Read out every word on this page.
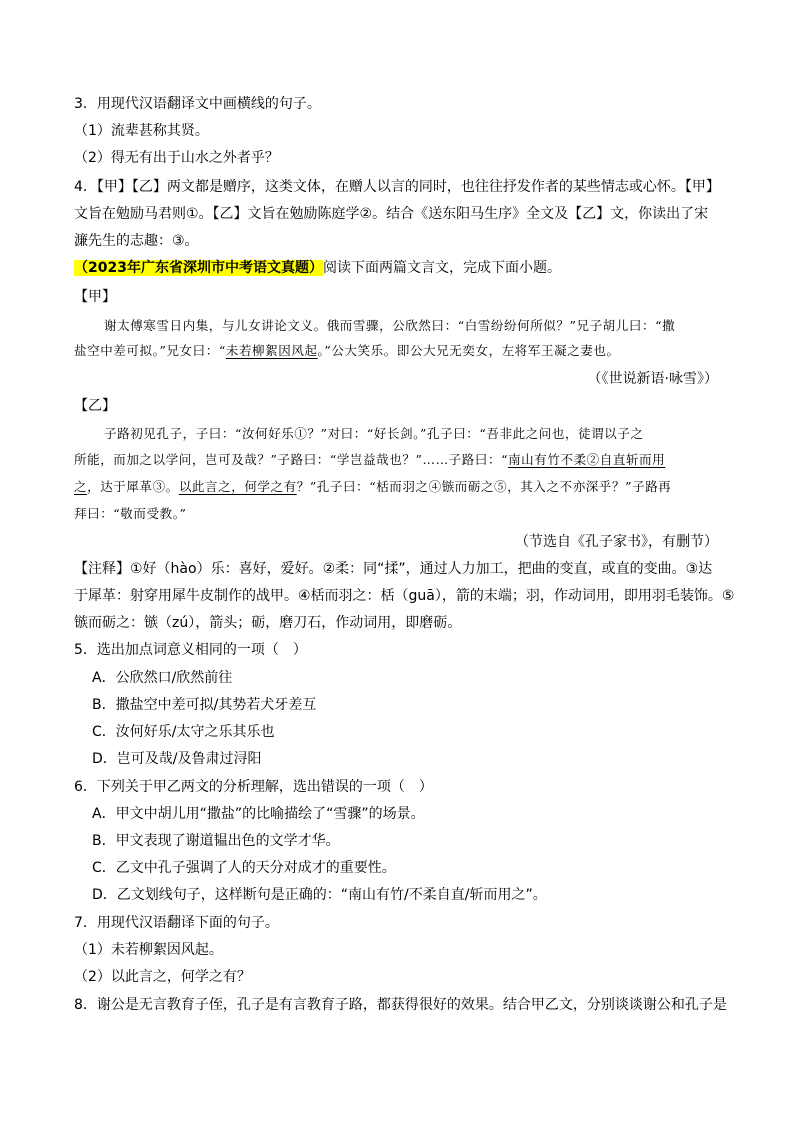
3．用现代汉语翻译文中画横线的句子。
（1）流辈甚称其贤。
（2）得无有出于山水之外者乎？
4．【甲】【乙】两文都是赠序，这类文体，在赠人以言的同时，也往往抒发作者的某些情志或心怀。【甲】
文旨在勉励马君则①。【乙】文旨在勉励陈庭学②。结合《送东阳马生序》全文及【乙】文，你读出了宋
濂先生的志趣：③。
（2023年广东省深圳市中考语文真题）阅读下面两篇文言文，完成下面小题。
【甲】
谢太傅寒雪日内集，与儿女讲论文义。俄而雪骤，公欣然曰：“白雪纷纷何所似？”兄子胡儿曰：“撒
盐空中差可拟。”兄女曰：“未若柳絮因风起。”公大笑乐。即公大兄无奕女，左将军王凝之妻也。
（《世说新语·咏雪》）
【乙】
子路初见孔子，子曰：“汝何好乐①？”对曰：“好长剑。”孔子曰：“吾非此之问也，徒谓以子之
所能，而加之以学问，岂可及哉？”子路曰：“学岂益哉也？”……子路曰：“南山有竹不柔②自直斩而用
之，达于犀革③。以此言之，何学之有？”孔子曰：“栝而羽之④镞而砺之⑤，其入之不亦深乎？”子路再
拜曰：“敬而受教。”
（节选自《孔子家书》，有删节）
【注释】①好（hào）乐：喜好，爱好。②柔：同“揉”，通过人力加工，把曲的变直，或直的变曲。③达
于犀革：射穿用犀牛皮制作的战甲。④栝而羽之：栝（guā），箭的末端；羽，作动词用，即用羽毛装饰。⑤
镞而砺之：镞（zú），箭头；砺，磨刀石，作动词用，即磨砺。
5．选出加点词意义相同的一项（　）
A．公欣然口/欣然前往
B．撒盐空中差可拟/其势若犬牙差互
C．汝何好乐/太守之乐其乐也
D．岂可及哉/及鲁肃过浔阳
6．下列关于甲乙两文的分析理解，选出错误的一项（　）
A．甲文中胡儿用“撒盐”的比喻描绘了“雪骤”的场景。
B．甲文表现了谢道韫出色的文学才华。
C．乙文中孔子强调了人的天分对成才的重要性。
D．乙文划线句子，这样断句是正确的：“南山有竹/不柔自直/斩而用之”。
7．用现代汉语翻译下面的句子。
（1）未若柳絮因风起。
（2）以此言之，何学之有？
8．谢公是无言教育子侄，孔子是有言教育子路，都获得很好的效果。结合甲乙文，分别谈谈谢公和孔子是
